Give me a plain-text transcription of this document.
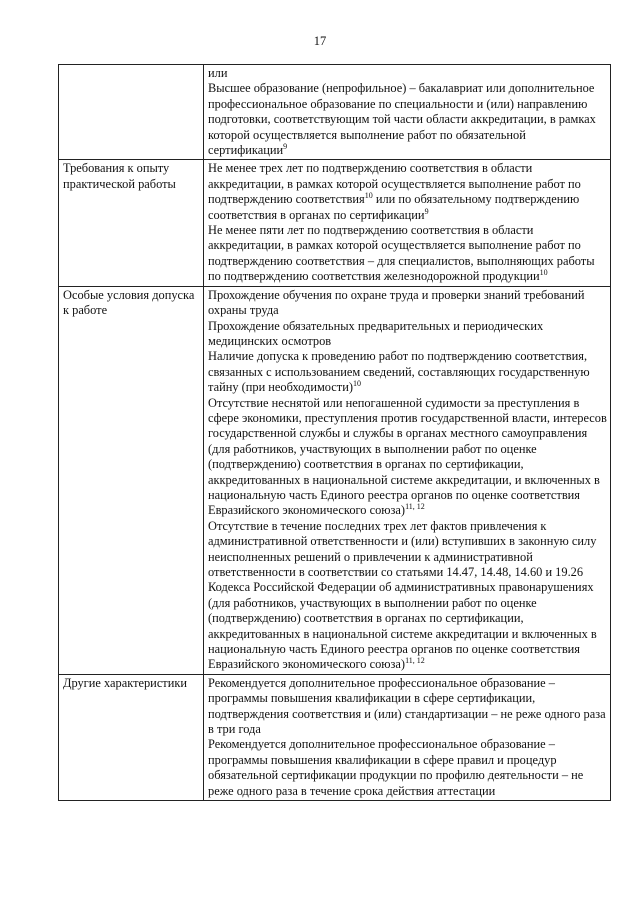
17

	или

Высшее образование (непрофильное) – бакалавриат или дополнительное профессиональное образование по специальности и (или) направлению подготовки, соответствующим той части области аккредитации, в рамках которой осуществляется выполнение работ по обязательной сертификации$^9$

Требования к опыту практической работы	Не менее трех лет по подтверждению соответствия в области аккредитации, в рамках которой осуществляется выполнение работ по подтверждению соответствия$^{10}$ или по обязательному подтверждению соответствия в органах по сертификации$^9$

Не менее пяти лет по подтверждению соответствия в области аккредитации, в рамках которой осуществляется выполнение работ по подтверждению соответствия – для специалистов, выполняющих работы по подтверждению соответствия железнодорожной продукции$^{10}$

Особые условия допуска к работе	Прохождение обучения по охране труда и проверки знаний требований охраны труда

Прохождение обязательных предварительных и периодических медицинских осмотров

Наличие допуска к проведению работ по подтверждению соответствия, связанных с использованием сведений, составляющих государственную тайну (при необходимости)$^{10}$

Отсутствие неснятой или непогашенной судимости за преступления в сфере экономики, преступления против государственной власти, интересов государственной службы и службы в органах местного самоуправления (для работников, участвующих в выполнении работ по оценке (подтверждению) соответствия в органах по сертификации, аккредитованных в национальной системе аккредитации, и включенных в национальную часть Единого реестра органов по оценке соответствия Евразийского экономического союза)$^{11, 12}$

Отсутствие в течение последних трех лет фактов привлечения к административной ответственности и (или) вступивших в законную силу неисполненных решений о привлечении к административной ответственности в соответствии со статьями 14.47, 14.48, 14.60 и 19.26 Кодекса Российской Федерации об административных правонарушениях (для работников, участвующих в выполнении работ по оценке (подтверждению) соответствия в органах по сертификации, аккредитованных в национальной системе аккредитации и включенных в национальную часть Единого реестра органов по оценке соответствия Евразийского экономического союза)$^{11, 12}$

Другие характеристики	Рекомендуется дополнительное профессиональное образование – программы повышения квалификации в сфере сертификации, подтверждения соответствия и (или) стандартизации – не реже одного раза в три года

Рекомендуется дополнительное профессиональное образование – программы повышения квалификации в сфере правил и процедур обязательной сертификации продукции по профилю деятельности – не реже одного раза в течение срока действия аттестации
